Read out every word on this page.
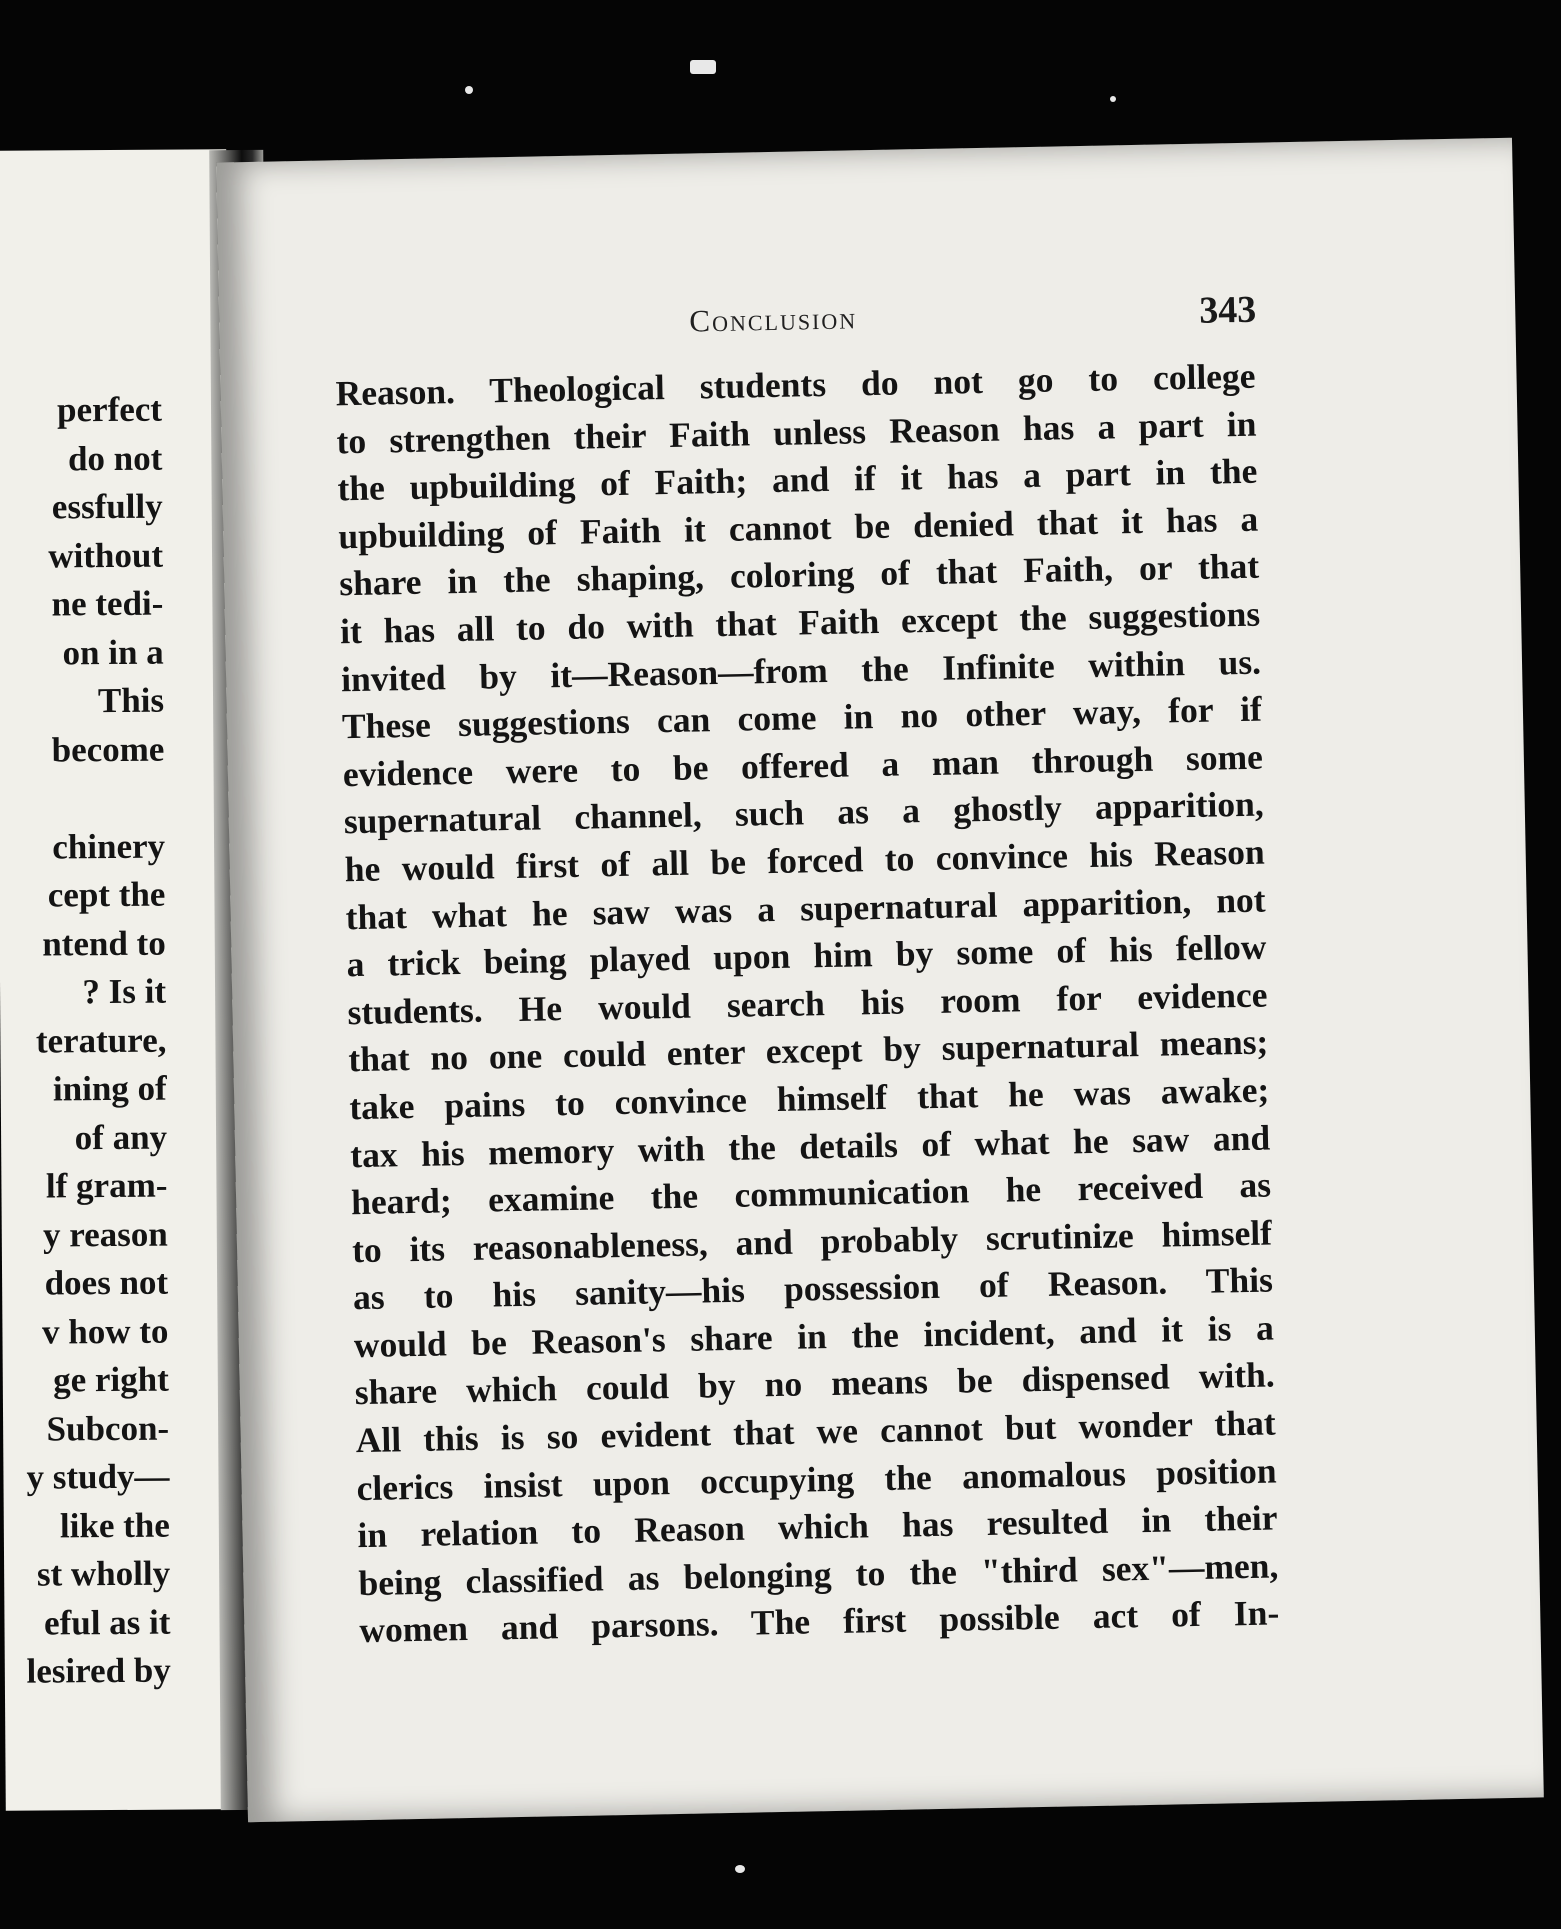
perfect
do not
essfully
without
ne tedi-
on in a
This
become
chinery
cept the
ntend to
? Is it
terature,
ining of
of any
lf gram-
y reason
does not
v how to
ge right
Subcon-
y study—
like the
st wholly
eful as it
lesired by
Conclusion	343
Reason. Theological students do not go to college
to strengthen their Faith unless Reason has a part in
the upbuilding of Faith; and if it has a part in the
upbuilding of Faith it cannot be denied that it has a
share in the shaping, coloring of that Faith, or that
it has all to do with that Faith except the suggestions
invited by it—Reason—from the Infinite within us.
These suggestions can come in no other way, for if
evidence were to be offered a man through some
supernatural channel, such as a ghostly apparition,
he would first of all be forced to convince his Reason
that what he saw was a supernatural apparition, not
a trick being played upon him by some of his fellow
students. He would search his room for evidence
that no one could enter except by supernatural means;
take pains to convince himself that he was awake;
tax his memory with the details of what he saw and
heard; examine the communication he received as
to its reasonableness, and probably scrutinize himself
as to his sanity—his possession of Reason. This
would be Reason's share in the incident, and it is a
share which could by no means be dispensed with.
All this is so evident that we cannot but wonder that
clerics insist upon occupying the anomalous position
in relation to Reason which has resulted in their
being classified as belonging to the "third sex"—men,
women and parsons. The first possible act of In-
